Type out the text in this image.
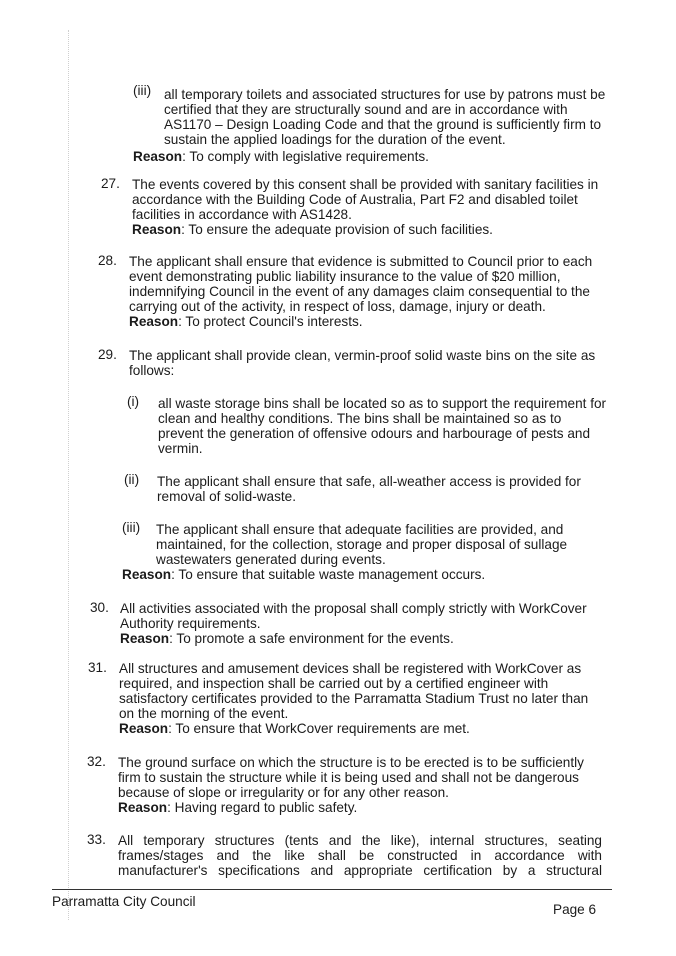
(iii) all temporary toilets and associated structures for use by patrons must be

certified that they are structurally sound and are in accordance with

AS1170 – Design Loading Code and that the ground is sufficiently firm to

sustain the applied loadings for the duration of the event.

Reason: To comply with legislative requirements.
27. The events covered by this consent shall be provided with sanitary facilities in

accordance with the Building Code of Australia, Part F2 and disabled toilet

facilities in accordance with AS1428.

Reason: To ensure the adequate provision of such facilities.

28. The applicant shall ensure that evidence is submitted to Council prior to each

event demonstrating public liability insurance to the value of $20 million,

indemnifying Council in the event of any damages claim consequential to the

carrying out of the activity, in respect of loss, damage, injury or death.

Reason: To protect Council's interests.

29. The applicant shall provide clean, vermin-proof solid waste bins on the site as

follows:

(i) all waste storage bins shall be located so as to support the requirement for

clean and healthy conditions. The bins shall be maintained so as to

prevent the generation of offensive odours and harbourage of pests and

vermin.

(ii) The applicant shall ensure that safe, all-weather access is provided for

removal of solid-waste.

(iii) The applicant shall ensure that adequate facilities are provided, and

maintained, for the collection, storage and proper disposal of sullage

wastewaters generated during events.

Reason: To ensure that suitable waste management occurs.
30. All activities associated with the proposal shall comply strictly with WorkCover

Authority requirements.

Reason: To promote a safe environment for the events.

31. All structures and amusement devices shall be registered with WorkCover as

required, and inspection shall be carried out by a certified engineer with

satisfactory certificates provided to the Parramatta Stadium Trust no later than

on the morning of the event.

Reason: To ensure that WorkCover requirements are met.

32. The ground surface on which the structure is to be erected is to be sufficiently

firm to sustain the structure while it is being used and shall not be dangerous

because of slope or irregularity or for any other reason.

Reason: Having regard to public safety.

33. All temporary structures (tents and the like), internal structures, seating

frames/stages and the like shall be constructed in accordance with

manufacturer's specifications and appropriate certification by a structural

Parramatta City Council
Page 6
